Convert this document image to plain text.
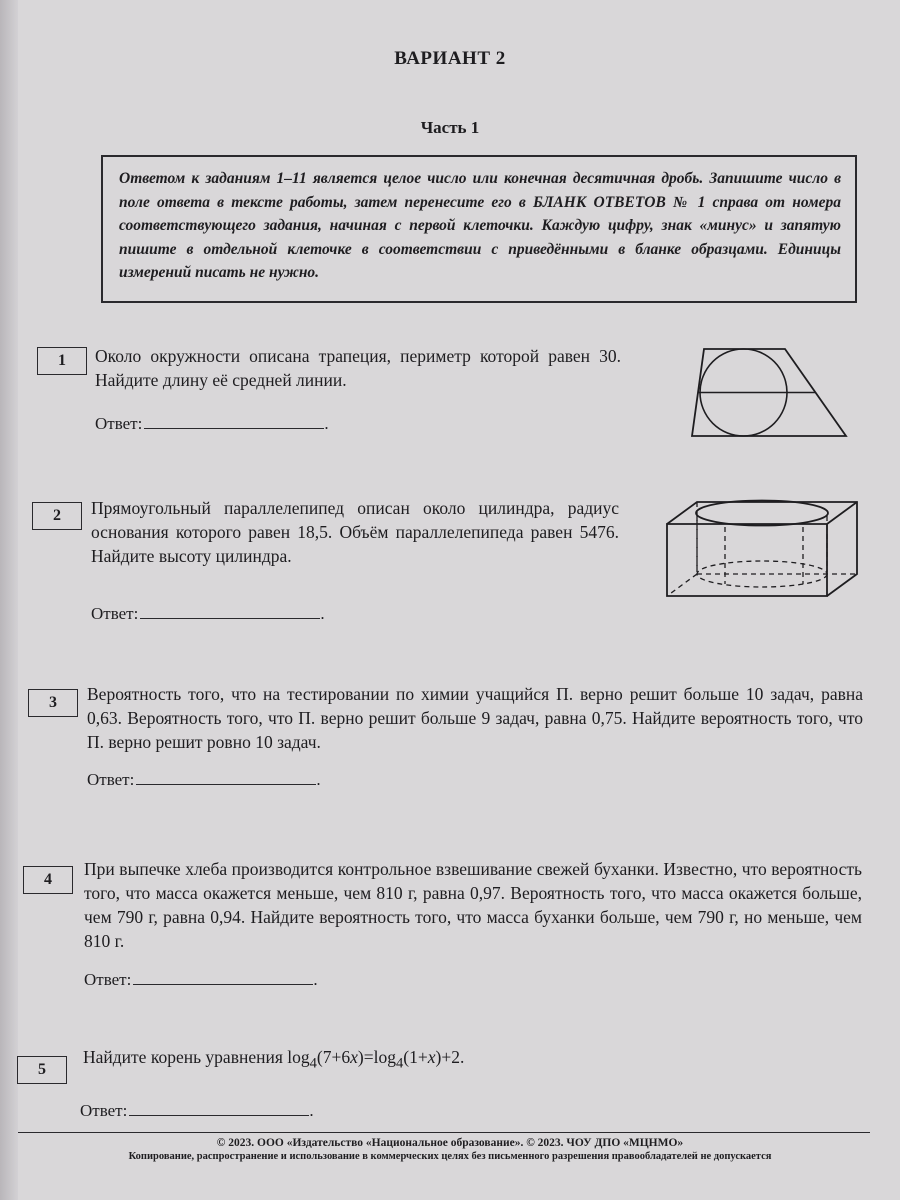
ВАРИАНТ 2
Часть 1
Ответом к заданиям 1–11 является целое число или конечная десятичная дробь. Запишите число в поле ответа в тексте работы, затем перенесите его в БЛАНК ОТВЕТОВ № 1 справа от номера соответствующего задания, начиная с первой клеточки. Каждую цифру, знак «минус» и запятую пишите в отдельной клеточке в соответствии с приведёнными в бланке образцами. Единицы измерений писать не нужно.
1	Около окружности описана трапеция, периметр которой равен 30. Найдите длину её средней линии.
Ответ:	.
2	Прямоугольный параллелепипед описан около цилиндра, радиус основания которого равен 18,5. Объём параллелепипеда равен 5476. Найдите высоту цилиндра.
Ответ:	.
3	Вероятность того, что на тестировании по химии учащийся П. верно решит больше 10 задач, равна 0,63. Вероятность того, что П. верно решит больше 9 задач, равна 0,75. Найдите вероятность того, что П. верно решит ровно 10 задач.
Ответ:	.
4
При выпечке хлеба производится контрольное взвешивание свежей буханки. Известно, что вероятность того, что масса окажется меньше, чем 810 г, равна 0,97. Вероятность того, что масса окажется больше, чем 790 г, равна 0,94. Найдите вероятность того, что масса буханки больше, чем 790 г, но меньше, чем 810 г.
Ответ:	.
5
Найдите корень уравнения $\log_4(7+6x)=\log_4(1+x)+2$.
Ответ:	.
© 2023. ООО «Издательство «Национальное образование». © 2023. ЧОУ ДПО «МЦНМО»
Копирование, распространение и использование в коммерческих целях без письменного разрешения правообладателей не допускается
